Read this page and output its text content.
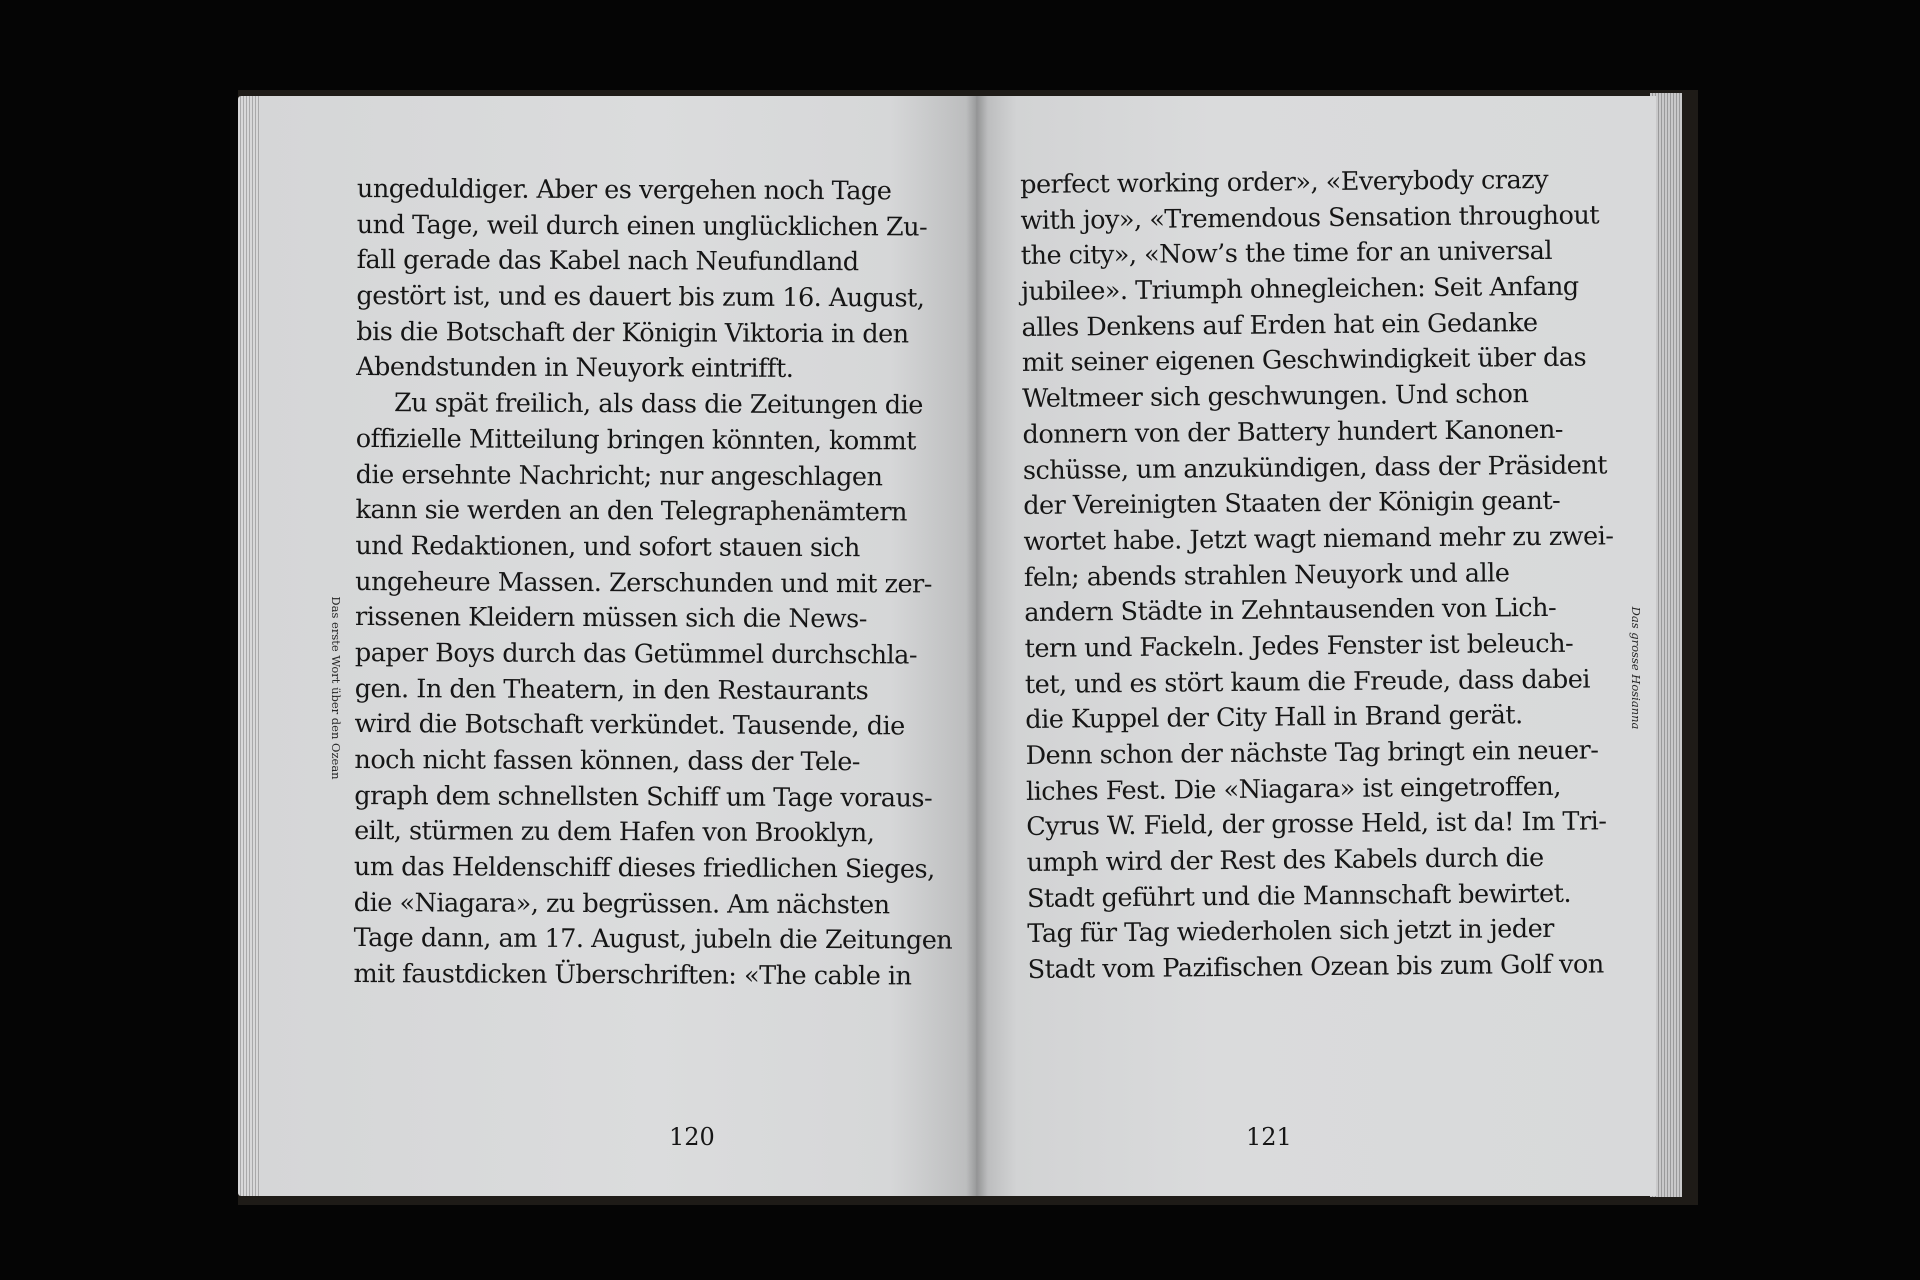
Das erste Wort über den Ozean	Das grosse Hosianna
ungeduldiger. Aber es vergehen noch Tage
und Tage, weil durch einen unglücklichen Zu-
fall gerade das Kabel nach Neufundland
gestört ist, und es dauert bis zum 16. August,
bis die Botschaft der Königin Viktoria in den
Abendstunden in Neuyork eintrifft.
Zu spät freilich, als dass die Zeitungen die
offizielle Mitteilung bringen könnten, kommt
die ersehnte Nachricht; nur angeschlagen
kann sie werden an den Telegraphenämtern
und Redaktionen, und sofort stauen sich
ungeheure Massen. Zerschunden und mit zer-
rissenen Kleidern müssen sich die News-
paper Boys durch das Getümmel durchschla-
gen. In den Theatern, in den Restaurants
wird die Botschaft verkündet. Tausende, die
noch nicht fassen können, dass der Tele-
graph dem schnellsten Schiff um Tage voraus-
eilt, stürmen zu dem Hafen von Brooklyn,
um das Heldenschiff dieses friedlichen Sieges,
die «Niagara», zu begrüssen. Am nächsten
Tage dann, am 17. August, jubeln die Zeitungen
mit faustdicken Überschriften: «The cable in
perfect working order», «Everybody crazy
with joy», «Tremendous Sensation throughout
the city», «Now’s the time for an universal
jubilee». Triumph ohnegleichen: Seit Anfang
alles Denkens auf Erden hat ein Gedanke
mit seiner eigenen Geschwindigkeit über das
Weltmeer sich geschwungen. Und schon
donnern von der Battery hundert Kanonen-
schüsse, um anzukündigen, dass der Präsident
der Vereinigten Staaten der Königin geant-
wortet habe. Jetzt wagt niemand mehr zu zwei-
feln; abends strahlen Neuyork und alle
andern Städte in Zehntausenden von Lich-
tern und Fackeln. Jedes Fenster ist beleuch-
tet, und es stört kaum die Freude, dass dabei
die Kuppel der City Hall in Brand gerät.
Denn schon der nächste Tag bringt ein neuer-
liches Fest. Die «Niagara» ist eingetroffen,
Cyrus W. Field, der grosse Held, ist da! Im Tri-
umph wird der Rest des Kabels durch die
Stadt geführt und die Mannschaft bewirtet.
Tag für Tag wiederholen sich jetzt in jeder
Stadt vom Pazifischen Ozean bis zum Golf von
120	121
